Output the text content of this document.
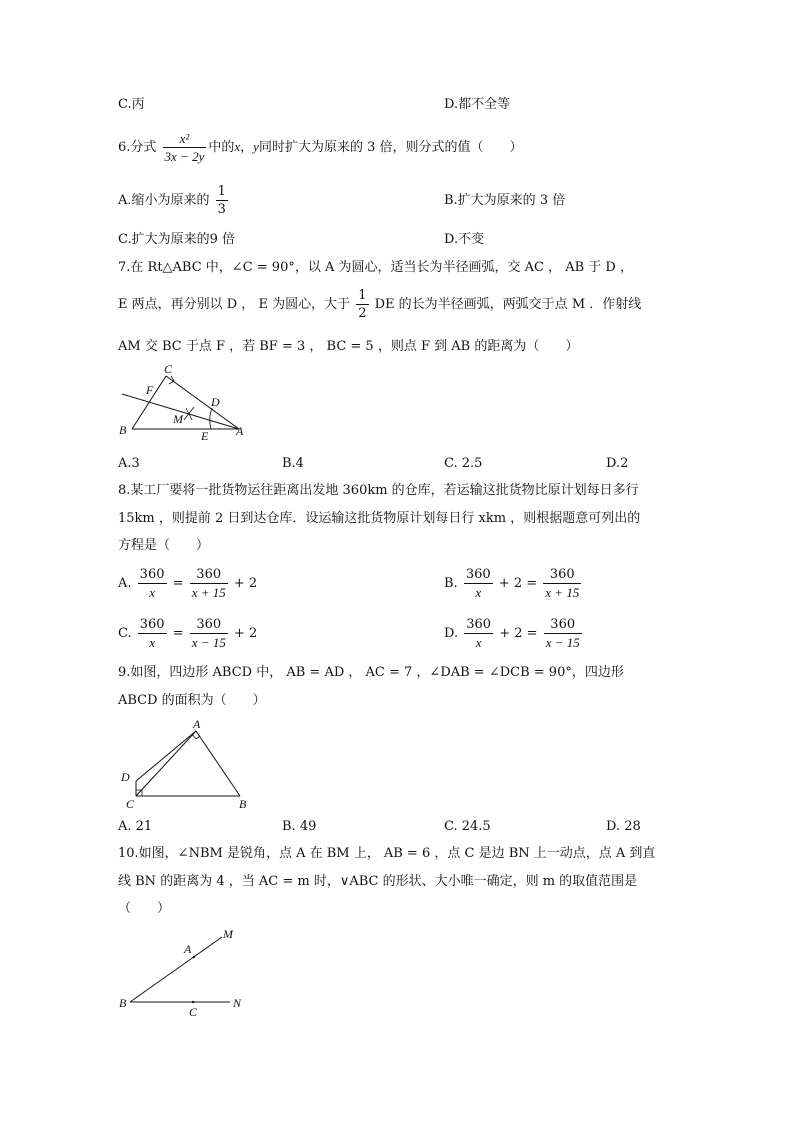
C.丙	D.都不全等
6.分式 $\frac{\text{x²}}{3x - 2y}$ 中的x，y同时扩大为原来的 3 倍，则分式的值（　　）
A.缩小为原来的 $\frac{1}{3}$	B.扩大为原来的 3 倍
C.扩大为原来的9 倍	D.不变
7.在 Rt△ABC 中，∠C = 90°，以 A 为圆心，适当长为半径画弧，交 AC ， AB 于 D ，
E 两点，再分别以 D ， E 为圆心，大于 $\frac{1}{2}$ DE 的长为半径画弧，两弧交于点 M ．作射线
AM 交 BC 于点 F ，若 BF = 3 ， BC = 5 ，则点 F 到 AB 的距离为（　　）
C
F
D
M
B	E A
A.3	B.4	C. 2.5	D.2
8.某工厂要将一批货物运往距离出发地 360km 的仓库，若运输这批货物比原计划每日多行
15km ，则提前 2 日到达仓库．设运输这批货物原计划每日行 xkm ，则根据题意可列出的
方程是（　　）
A. $\frac{360}{x} = \frac{360}{x + 15} + 2$	B. $\frac{360}{x} + 2 = \frac{360}{x + 15}$
C. $\frac{360}{x} = \frac{360}{x - 15} + 2$	D. $\frac{360}{x} + 2 = \frac{360}{x - 15}$
9.如图，四边形 ABCD 中， AB = AD ， AC = 7 ，∠DAB = ∠DCB = 90°，四边形
ABCD 的面积为（　　）
A
D
C	B
A. 21	B. 49	C. 24.5	D. 28
10.如图，∠NBM 是锐角，点 A 在 BM 上， AB = 6 ，点 C 是边 BN 上一动点，点 A 到直
线 BN 的距离为 4 ，当 AC = m 时，∨ABC 的形状、大小唯一确定，则 m 的取值范围是
（　　）
A
M
B
C
N
